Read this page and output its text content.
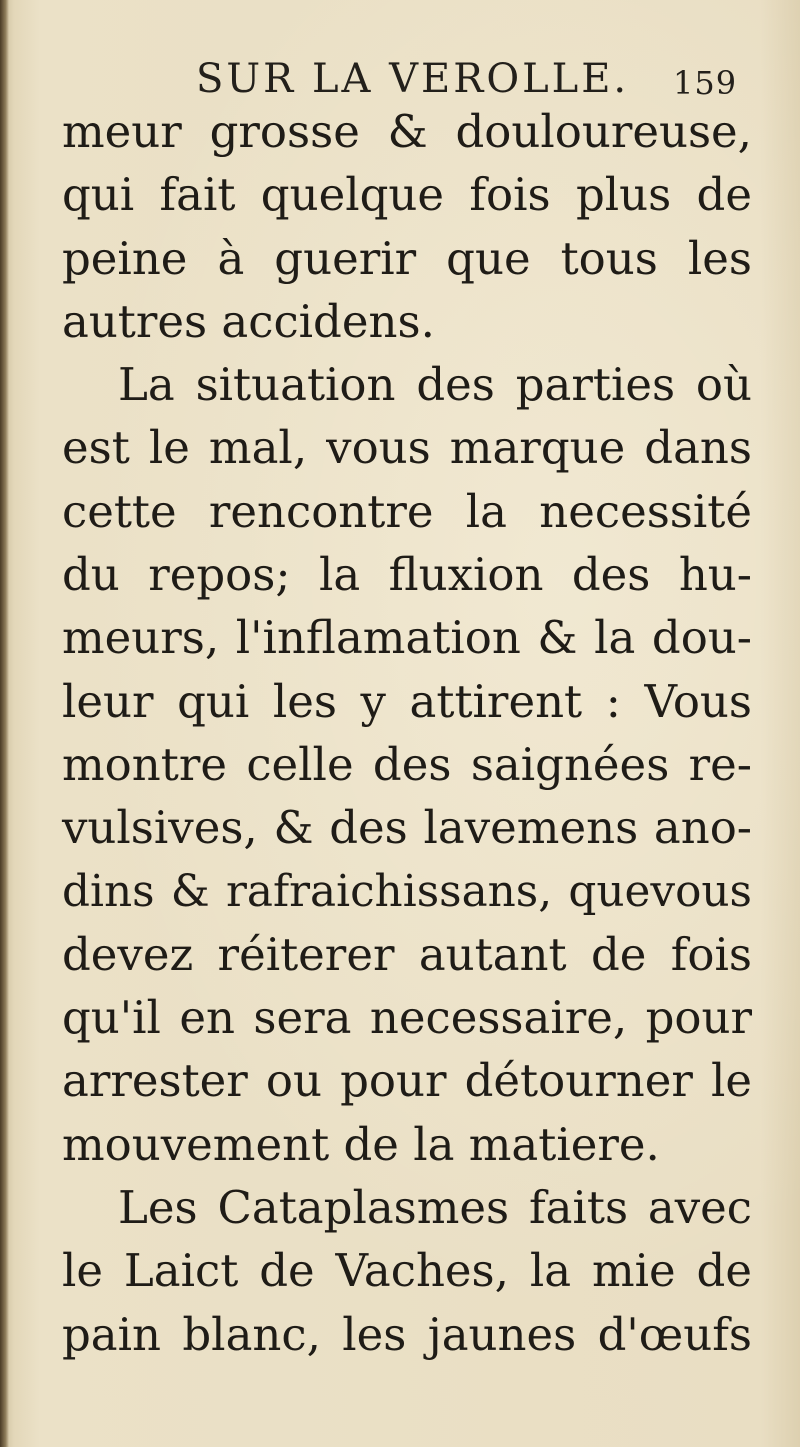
SUR LA VEROLLE. 159
meur grosse & douloureuse,
qui fait quelque fois plus de
peine à guerir que tous les
autres accidens.
La situation des parties où
est le mal, vous marque dans
cette rencontre la necessité
du repos; la fluxion des hu-
meurs, l'inflamation & la dou-
leur qui les y attirent : Vous
montre celle des saignées re-
vulsives, & des lavemens ano-
dins & rafraichissans, quevous
devez réiterer autant de fois
qu'il en sera necessaire, pour
arrester ou pour détourner le
mouvement de la matiere.
Les Cataplasmes faits avec
le Laict de Vaches, la mie de
pain blanc, les jaunes d'œufs
